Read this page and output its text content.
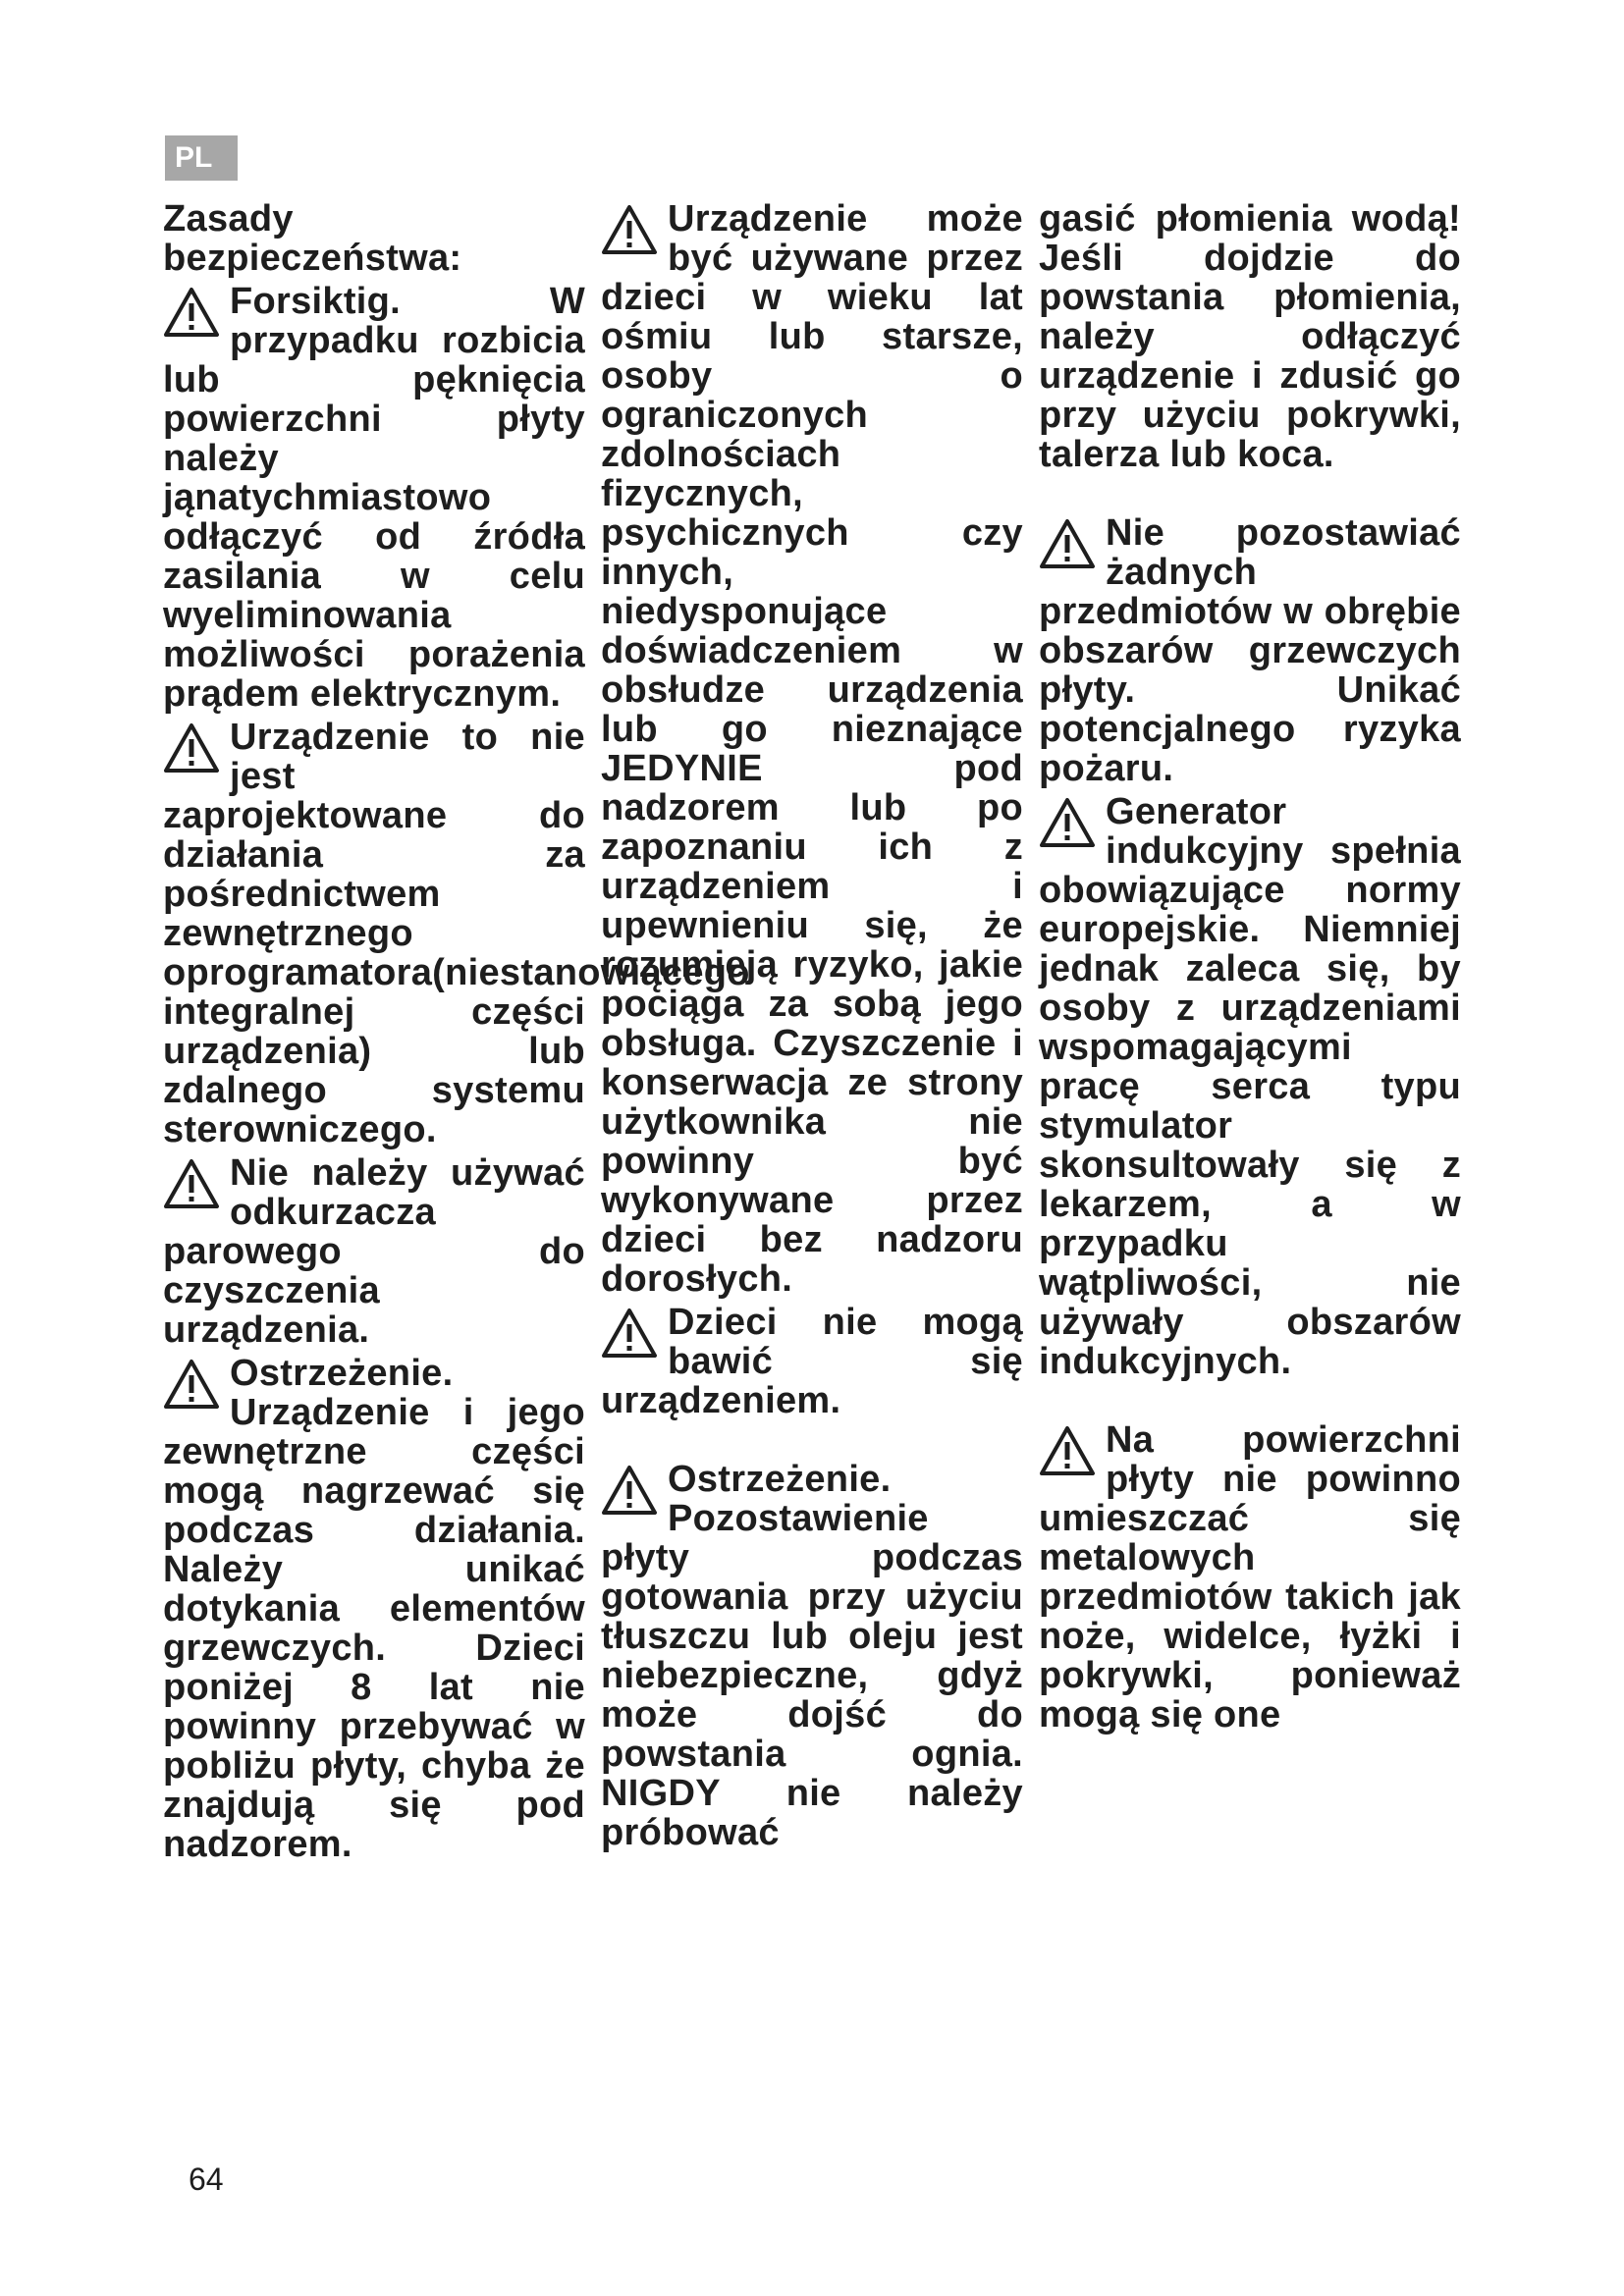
PL

Zasady bezpieczeństwa:

Forsiktig. W przypadku rozbicia lub pęknięcia powierzchni płyty należy jąnatychmiastowo odłączyć od źródła zasilania w celu wyeliminowania możliwości porażenia prądem elektrycznym.

Urządzenie to nie jest zaprojektowane do działania za pośrednictwem zewnętrznego oprogramatora(niestanowiącego integralnej części urządzenia) lub zdalnego systemu sterowniczego.

Nie należy używać odkurzacza parowego do czyszczenia urządzenia.

Ostrzeżenie. Urządzenie i jego zewnętrzne części mogą nagrzewać się podczas działania. Należy unikać dotykania elementów grzewczych. Dzieci poniżej 8 lat nie powinny przebywać w pobliżu płyty, chyba że znajdują się pod nadzorem.

Urządzenie może być używane przez dzieci w wieku lat ośmiu lub starsze, osoby o ograniczonych zdolnościach fizycznych, psychicznych czy innych, niedysponujące doświadczeniem w obsłudze urządzenia lub go nieznające JEDYNIE pod nadzorem lub po zapoznaniu ich z urządzeniem i upewnieniu się, że rozumieją ryzyko, jakie pociąga za sobą jego obsługa. Czyszczenie i konserwacja ze strony użytkownika nie powinny być wykonywane przez dzieci bez nadzoru dorosłych.

Dzieci nie mogą bawić się urządzeniem.

Ostrzeżenie. Pozostawienie płyty podczas gotowania przy użyciu tłuszczu lub oleju jest niebezpieczne, gdyż może dojść do powstania ognia. NIGDY nie należy próbować

gasić płomienia wodą! Jeśli dojdzie do powstania płomienia, należy odłączyć urządzenie i zdusić go przy użyciu pokrywki, talerza lub koca.

Nie pozostawiać żadnych przedmiotów w obrębie obszarów grzewczych płyty. Unikać potencjalnego ryzyka pożaru.

Generator indukcyjny spełnia obowiązujące normy europejskie. Niemniej jednak zaleca się, by osoby z urządzeniami wspomagającymi pracę serca typu stymulator skonsultowały się z lekarzem, a w przypadku wątpliwości, nie używały obszarów indukcyjnych.

Na powierzchni płyty nie powinno umieszczać się metalowych przedmiotów takich jak noże, widelce, łyżki i pokrywki, ponieważ mogą się one

64
